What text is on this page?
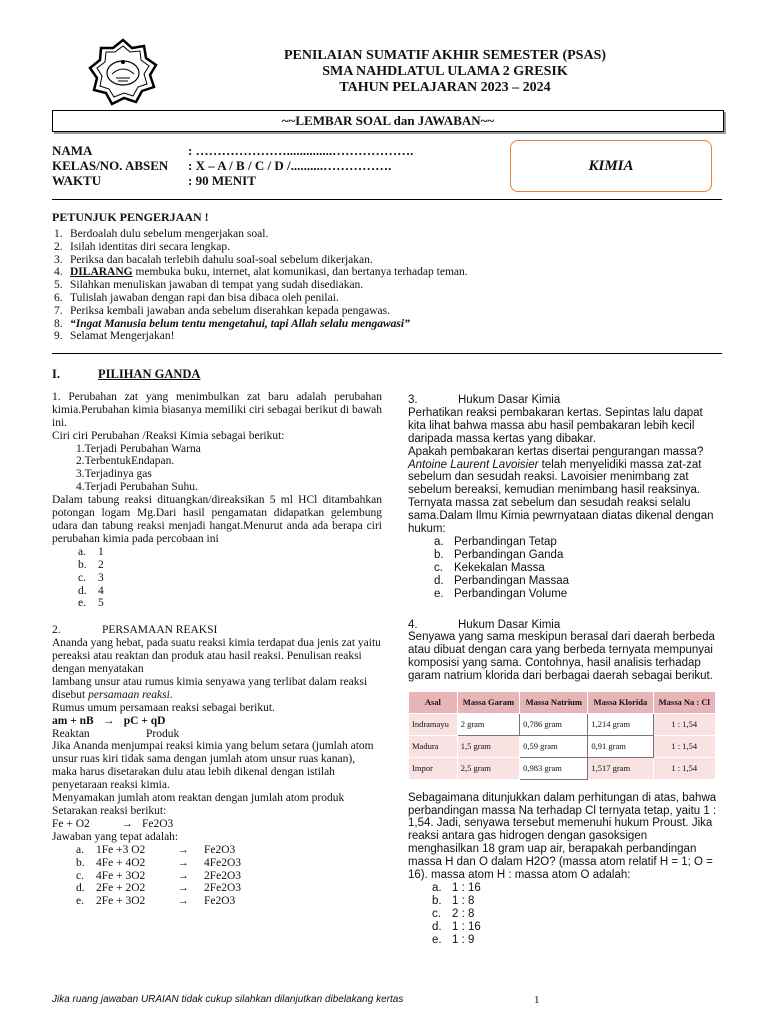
PENILAIAN SUMATIF AKHIR SEMESTER (PSAS)
SMA NAHDLATUL ULAMA 2 GRESIK
TAHUN PELAJARAN 2023 – 2024
~~LEMBAR SOAL dan JAWABAN~~
NAMA	: …………………..............……………….
KELAS/NO. ABSEN : X – A / B / C / D /..........…………….
WAKTU	: 90 MENIT
KIMIA
PETUNJUK PENGERJAAN !
1. Berdoalah dulu sebelum mengerjakan soal.
2. Isilah identitas diri secara lengkap.
3. Periksa dan bacalah terlebih dahulu soal-soal sebelum dikerjakan.
4. DILARANG membuka buku, internet, alat komunikasi, dan bertanya terhadap teman.
5. Silahkan menuliskan jawaban di tempat yang sudah disediakan.
6. Tulislah jawaban dengan rapi dan bisa dibaca oleh penilai.
7. Periksa kembali jawaban anda sebelum diserahkan kepada pengawas.
8. “Ingat Manusia belum tentu mengetahui, tapi Allah selalu mengawasi”
9. Selamat Mengerjakan!

I.	PILIHAN GANDA

1. Perubahan zat yang menimbulkan zat baru adalah perubahan kimia.Perubahan kimia biasanya memiliki ciri sebagai berikut di bawah ini.

Ciri ciri Perubahan /Reaksi Kimia sebagai berikut:

1.Terjadi Perubahan Warna

2.TerbentukEndapan.

3.Terjadinya gas

4.Terjadi Perubahan Suhu.

Dalam tabung reaksi dituangkan/direaksikan 5 ml HCl ditambahkan potongan logam Mg.Dari hasil pengamatan didapatkan gelembung udara dan tabung reaksi menjadi hangat.Menurut anda ada berapa ciri perubahan kimia pada percobaan ini

a. 1

b. 2

c. 3

d. 4

e. 5

2.	PERSAMAAN REAKSI

Ananda yang hebat, pada suatu reaksi kimia terdapat dua jenis zat yaitu pereaksi atau reaktan dan produk atau hasil reaksi. Penulisan reaksi dengan menyatakan

lambang unsur atau rumus kimia senyawa yang terlibat dalam reaksi disebut persamaan reaksi.

Rumus umum persamaan reaksi sebagai berikut.

am + nB → pC + qD

Reaktan	Produk

Jika Ananda menjumpai reaksi kimia yang belum setara (jumlah atom unsur ruas kiri tidak sama dengan jumlah atom unsur ruas kanan), maka harus disetarakan dulu atau lebih dikenal dengan istilah penyetaraan reaksi kimia.

Menyamakan jumlah atom reaktan dengan jumlah atom produk

Setarakan reaksi berikut:

Fe + O2	→ Fe2O3

Jawaban yang tepat adalah:

a. 1Fe +3 O2	→ Fe2O3

b. 4Fe + 4O2	→ 4Fe2O3

c. 4Fe + 3O2	→ 2Fe2O3

d. 2Fe + 2O2	→ 2Fe2O3

e. 2Fe + 3O2	→ Fe2O3

3.	Hukum Dasar Kimia

Perhatikan reaksi pembakaran kertas. Sepintas lalu dapat kita lihat bahwa massa abu hasil pembakaran lebih kecil daripada massa kertas yang dibakar.

Apakah pembakaran kertas disertai pengurangan massa?

Antoine Laurent Lavoisier telah menyelidiki massa zat-zat sebelum dan sesudah reaksi. Lavoisier menimbang zat sebelum bereaksi, kemudian menimbang hasil reaksinya. Ternyata massa zat sebelum dan sesudah reaksi selalu sama.Dalam Ilmu Kimia pewrnyataan diatas dikenal dengan hukum:

a. Perbandingan Tetap

b. Perbandingan Ganda

c. Kekekalan Massa

d. Perbandingan Massaa

e. Perbandingan Volume

4.	Hukum Dasar Kimia

Senyawa yang sama meskipun berasal dari daerah berbeda atau dibuat dengan cara yang berbeda ternyata mempunyai komposisi yang sama. Contohnya, hasil analisis terhadap garam natrium klorida dari berbagai daerah sebagai berikut.

Asal	Massa Garam	Massa Natrium	Massa Klorida	Massa Na : Cl
Indramayu	2 gram	0,786 gram	1,214 gram	1 : 1,54
Madura	1,5 gram	0,59 gram	0,91 gram	1 : 1,54
Impor	2,5 gram	0,983 gram	1,517 gram	1 : 1,54

Sebagaimana ditunjukkan dalam perhitungan di atas, bahwa perbandingan massa Na terhadap Cl ternyata tetap, yaitu 1 : 1,54. Jadi, senyawa tersebut memenuhi hukum Proust. Jika reaksi antara gas hidrogen dengan gasoksigen menghasilkan 18 gram uap air, berapakah perbandingan massa H dan O dalam H2O? (massa atom relatif H = 1; O = 16). massa atom H : massa atom O adalah:

a. 1 : 16

b. 1 : 8

c. 2 : 8

d. 1 : 16

e. 1 : 9

Jika ruang jawaban URAIAN tidak cukup silahkan dilanjutkan dibelakang kertas	1
